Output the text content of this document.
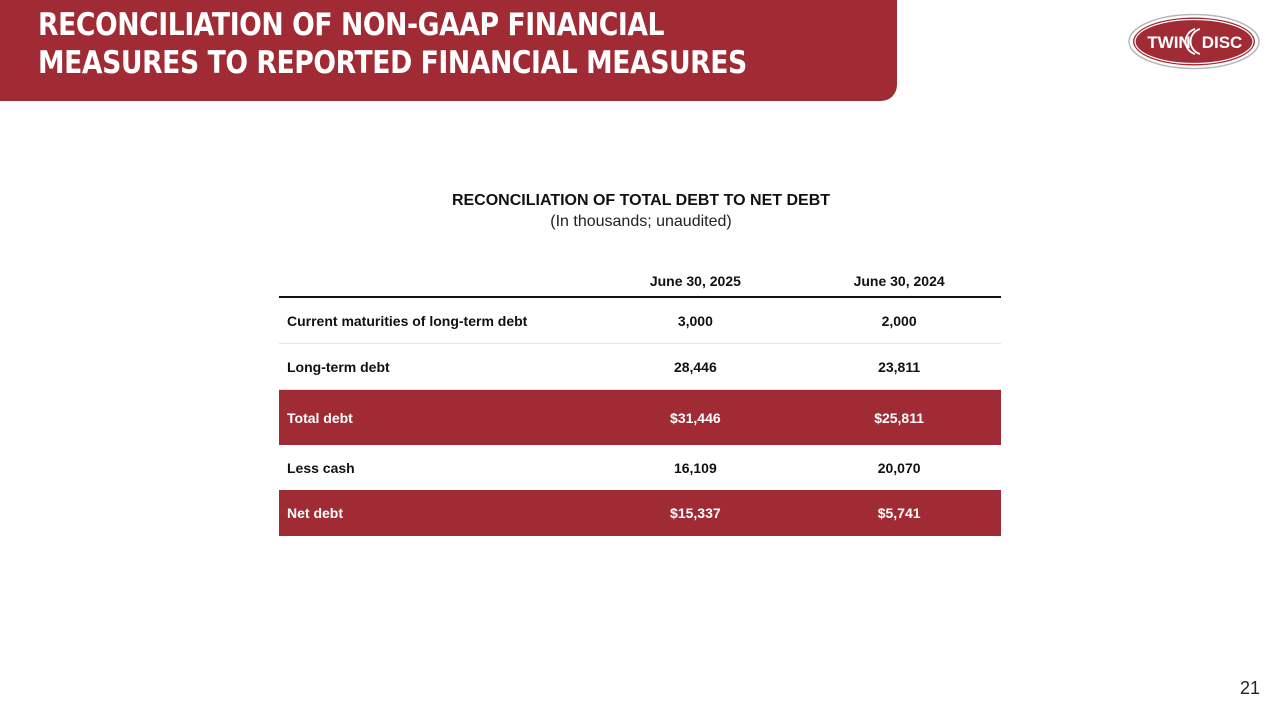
RECONCILIATION OF NON-GAAP FINANCIAL
MEASURES TO REPORTED FINANCIAL MEASURES
TWIN DISC
RECONCILIATION OF TOTAL DEBT TO NET DEBT
(In thousands; unaudited)
	June 30, 2025	June 30, 2024
Current maturities of long-term debt	3,000	2,000
Long-term debt	28,446	23,811
Total debt	$31,446	$25,811
Less cash	16,109	20,070
Net debt	$15,337	$5,741
21
